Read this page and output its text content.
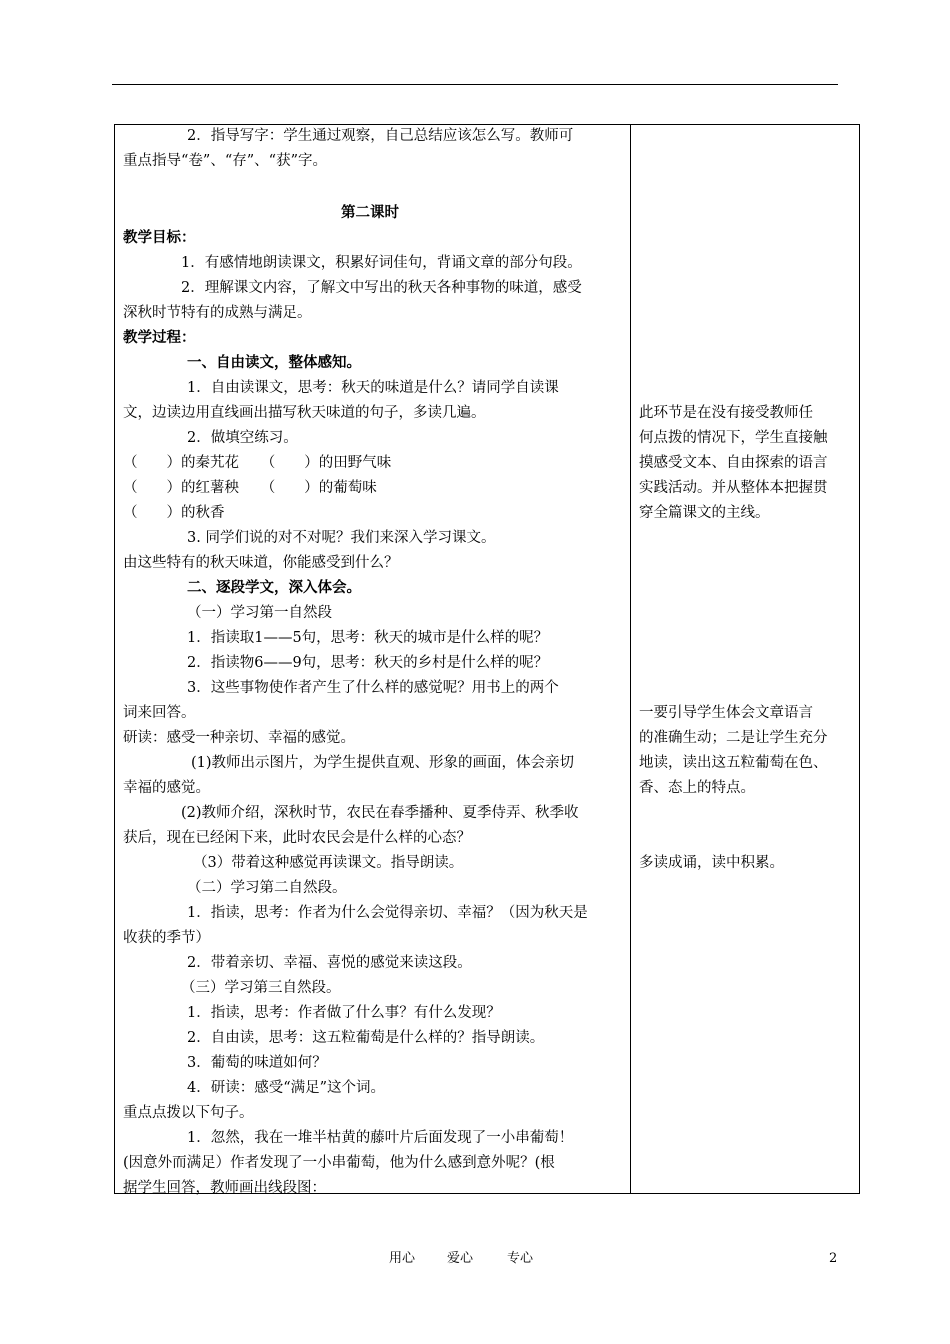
2．指导写字：学生通过观察，自己总结应该怎么写。教师可
重点指导“卷”、“存”、“获”字。
第二课时
教学目标：
1．有感情地朗读课文，积累好词佳句，背诵文章的部分句段。
2．理解课文内容，了解文中写出的秋天各种事物的味道，感受
深秋时节特有的成熟与满足。
教学过程：
一、自由读文，整体感知。
1．自由读课文，思考：秋天的味道是什么？请同学自读课
文，边读边用直线画出描写秋天味道的句子，多读几遍。
2．做填空练习。
（　　）的秦艽花　　（　　）的田野气味
（　　）的红薯秧　　（　　）的葡萄味
（　　）的秋香
3. 同学们说的对不对呢？我们来深入学习课文。
由这些特有的秋天味道，你能感受到什么？
二、逐段学文，深入体会。
（一）学习第一自然段
1．指读取1——5句，思考：秋天的城市是什么样的呢？
2．指读物6——9句，思考：秋天的乡村是什么样的呢？
3．这些事物使作者产生了什么样的感觉呢？用书上的两个
词来回答。
研读：感受一种亲切、幸福的感觉。
(1)教师出示图片，为学生提供直观、形象的画面，体会亲切
幸福的感觉。
(2)教师介绍，深秋时节，农民在春季播种、夏季侍弄、秋季收
获后，现在已经闲下来，此时农民会是什么样的心态？
（3）带着这种感觉再读课文。指导朗读。
（二）学习第二自然段。
1．指读，思考：作者为什么会觉得亲切、幸福？（因为秋天是
收获的季节）
2．带着亲切、幸福、喜悦的感觉来读这段。
（三）学习第三自然段。
1．指读，思考：作者做了什么事？有什么发现？
2．自由读，思考：这五粒葡萄是什么样的？指导朗读。
3．葡萄的味道如何？
4．研读：感受“满足”这个词。
重点点拨以下句子。
1．忽然，我在一堆半枯黄的藤叶片后面发现了一小串葡萄！
(因意外而满足）作者发现了一小串葡萄，他为什么感到意外呢？(根
据学生回答，教师画出线段图：
此环节是在没有接受教师任
何点拨的情况下，学生直接触
摸感受文本、自由探索的语言
实践活动。并从整体本把握贯
穿全篇课文的主线。
一要引导学生体会文章语言
的准确生动；二是让学生充分
地读，读出这五粒葡萄在色、
香、态上的特点。
多读成诵，读中积累。
用心 爱心	专心	2
